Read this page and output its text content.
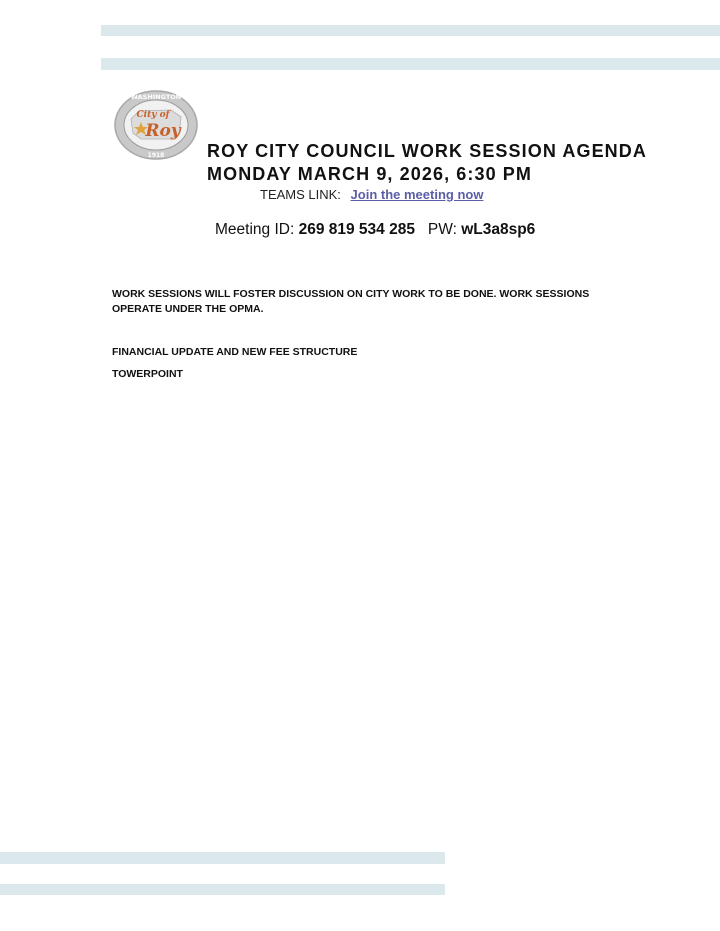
WASHINGTON
1918
City of
Roy
ROY CITY COUNCIL WORK SESSION AGENDA
MONDAY MARCH 9, 2026, 6:30 PM
TEAMS LINK: Join the meeting now
Meeting ID: 269 819 534 285 PW: wL3a8sp6
WORK SESSIONS WILL FOSTER DISCUSSION ON CITY WORK TO BE DONE. WORK SESSIONS OPERATE UNDER THE OPMA.
FINANCIAL UPDATE AND NEW FEE STRUCTURE
TOWERPOINT
